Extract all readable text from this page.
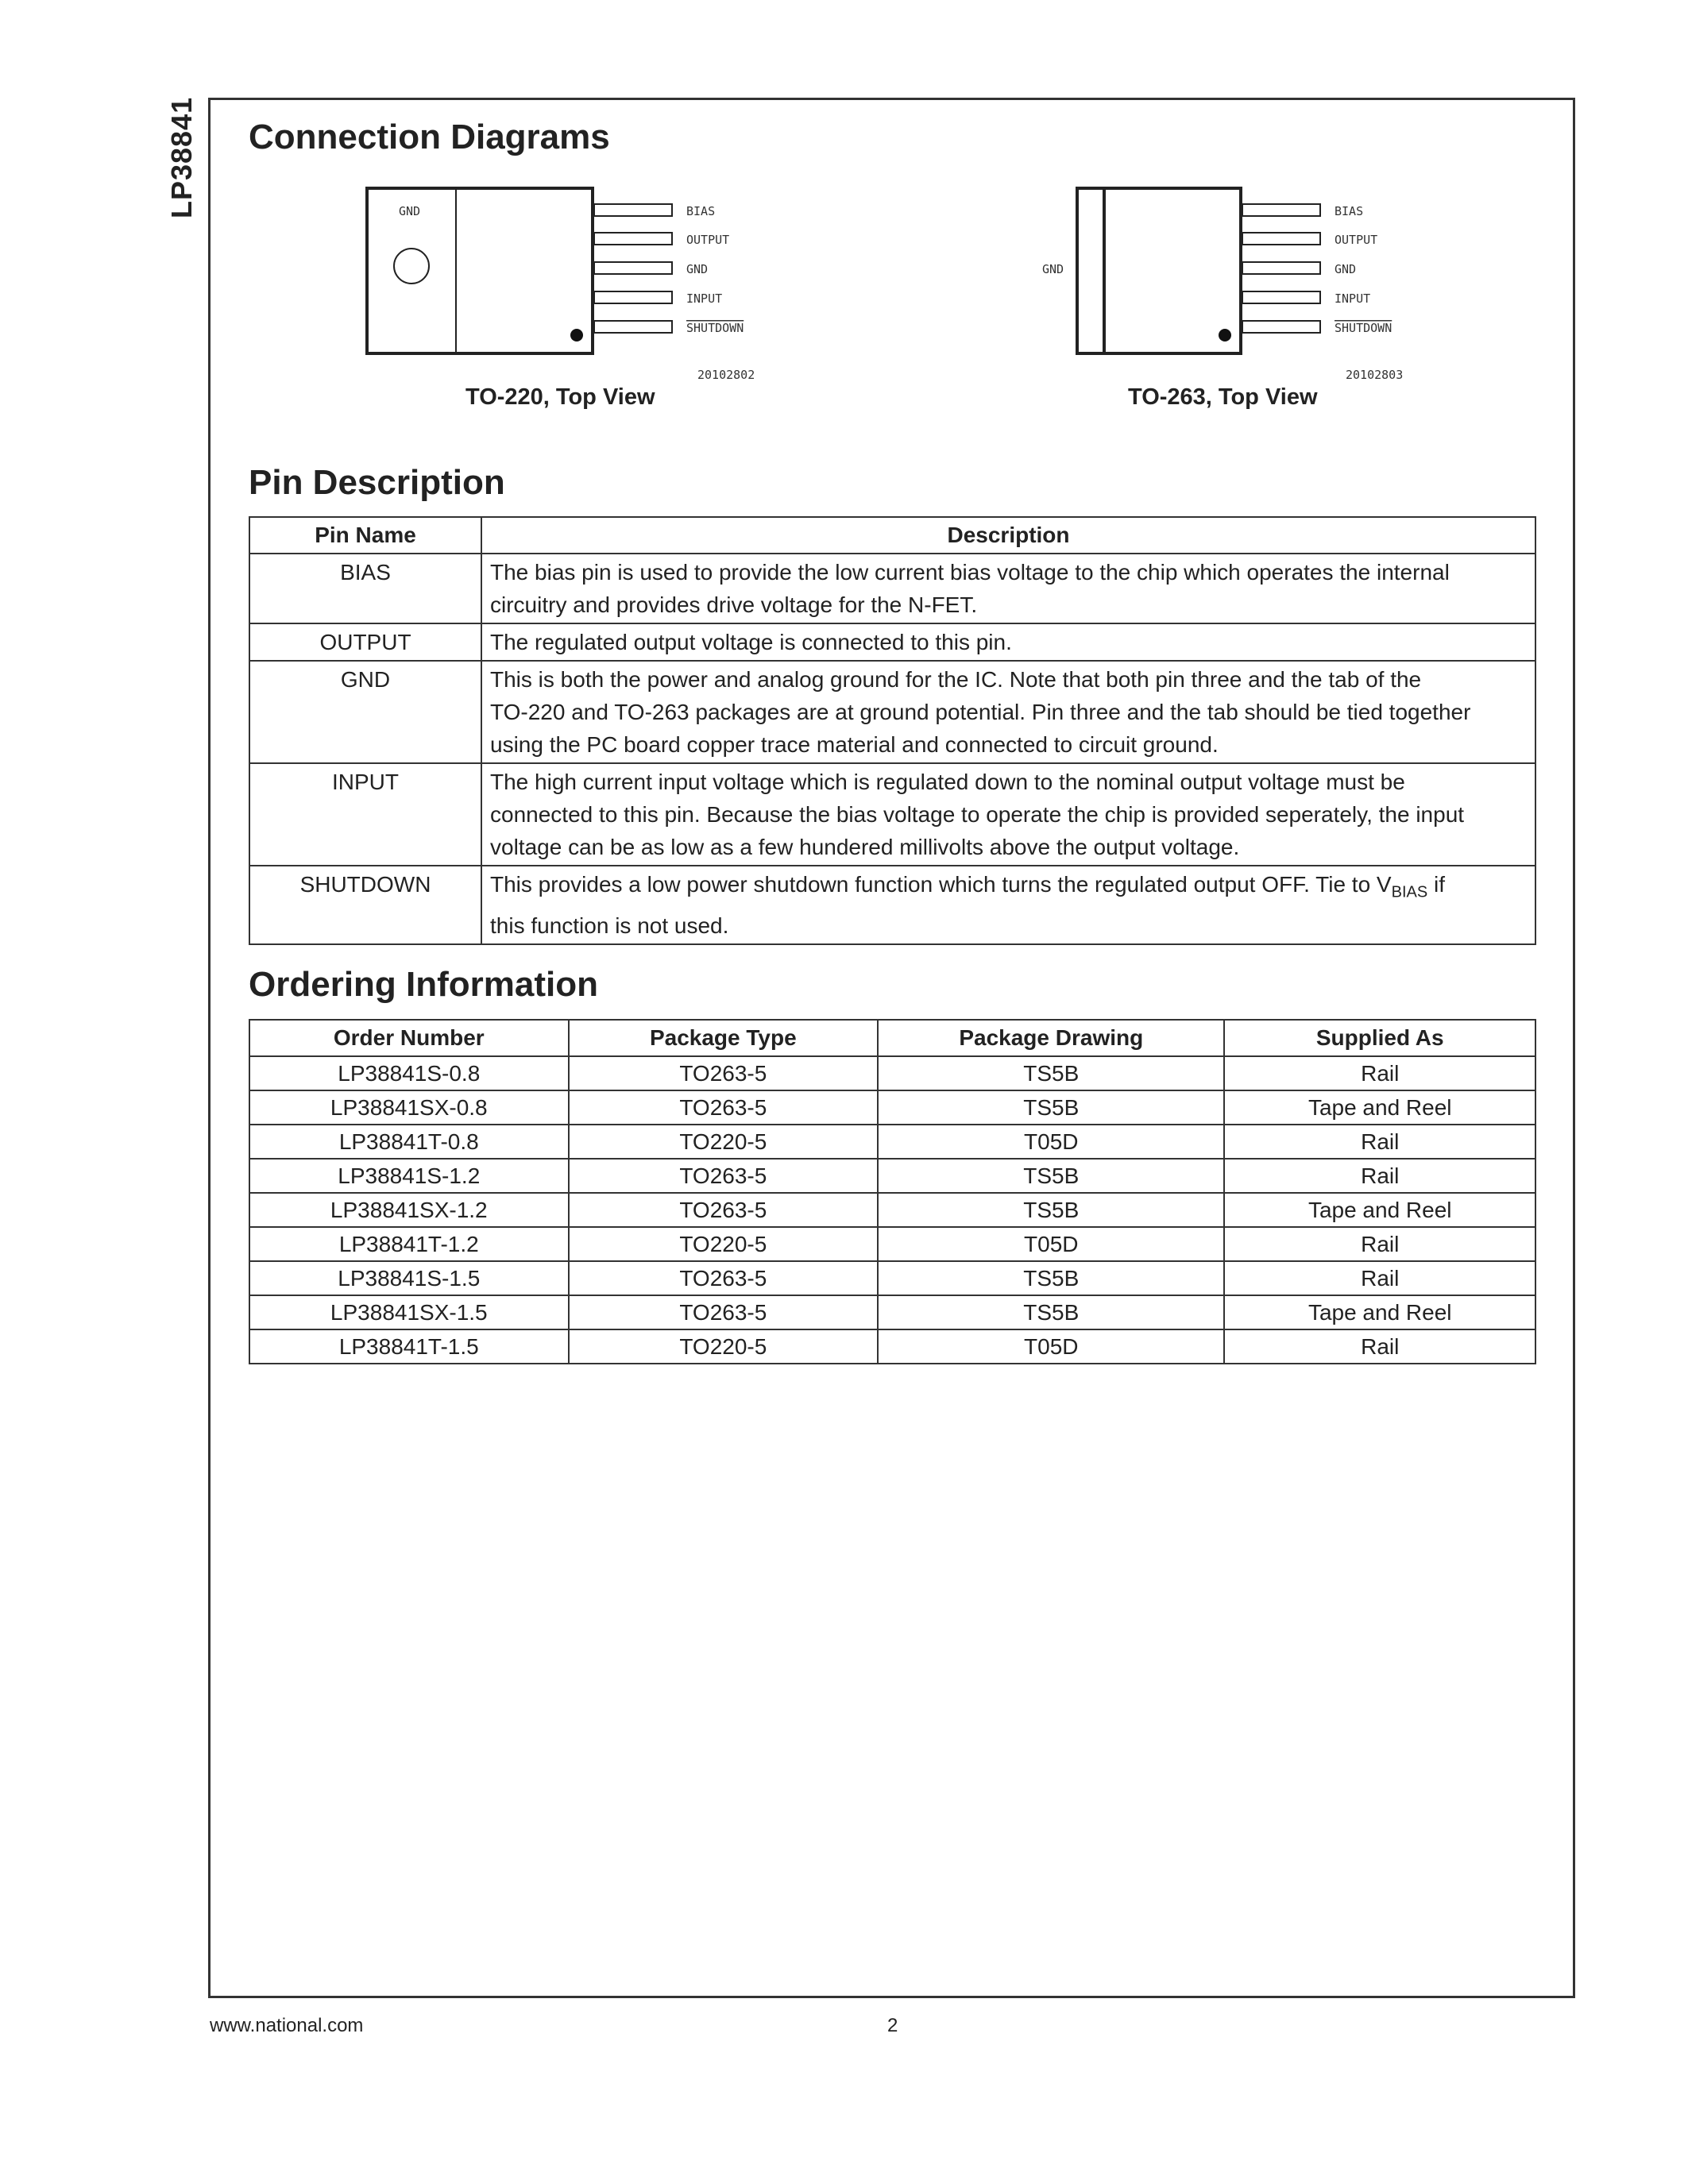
LP38841 Connection Diagrams
GND	BIAS
OUTPUT
GND
INPUT
SHUTDOWN
20102802
TO-220, Top View
GND
BIAS
OUTPUT
GND
INPUT
SHUTDOWN
20102803
TO-263, Top View
Pin Description
Pin Name	Description
BIAS	The bias pin is used to provide the low current bias voltage to the chip which operates the internal
circuitry and provides drive voltage for the N-FET.

OUTPUT	The regulated output voltage is connected to this pin.

GND	This is both the power and analog ground for the IC. Note that both pin three and the tab of the
TO-220 and TO-263 packages are at ground potential. Pin three and the tab should be tied together
using the PC board copper trace material and connected to circuit ground.

INPUT	The high current input voltage which is regulated down to the nominal output voltage must be
connected to this pin. Because the bias voltage to operate the chip is provided seperately, the input
voltage can be as low as a few hundered millivolts above the output voltage.

SHUTDOWN	This provides a low power shutdown function which turns the regulated output OFF. Tie to $V_{BIAS}$ if
this function is not used.
Ordering Information
Order Number	Package Type	Package Drawing	Supplied As
LP38841S-0.8	TO263-5	TS5B	Rail
LP38841SX-0.8	TO263-5	TS5B	Tape and Reel
LP38841T-0.8	TO220-5	T05D	Rail
LP38841S-1.2	TO263-5	TS5B	Rail
LP38841SX-1.2	TO263-5	TS5B	Tape and Reel
LP38841T-1.2	TO220-5	T05D	Rail
LP38841S-1.5	TO263-5	TS5B	Rail
LP38841SX-1.5	TO263-5	TS5B	Tape and Reel
LP38841T-1.5	TO220-5	T05D	Rail
www.national.com	2
